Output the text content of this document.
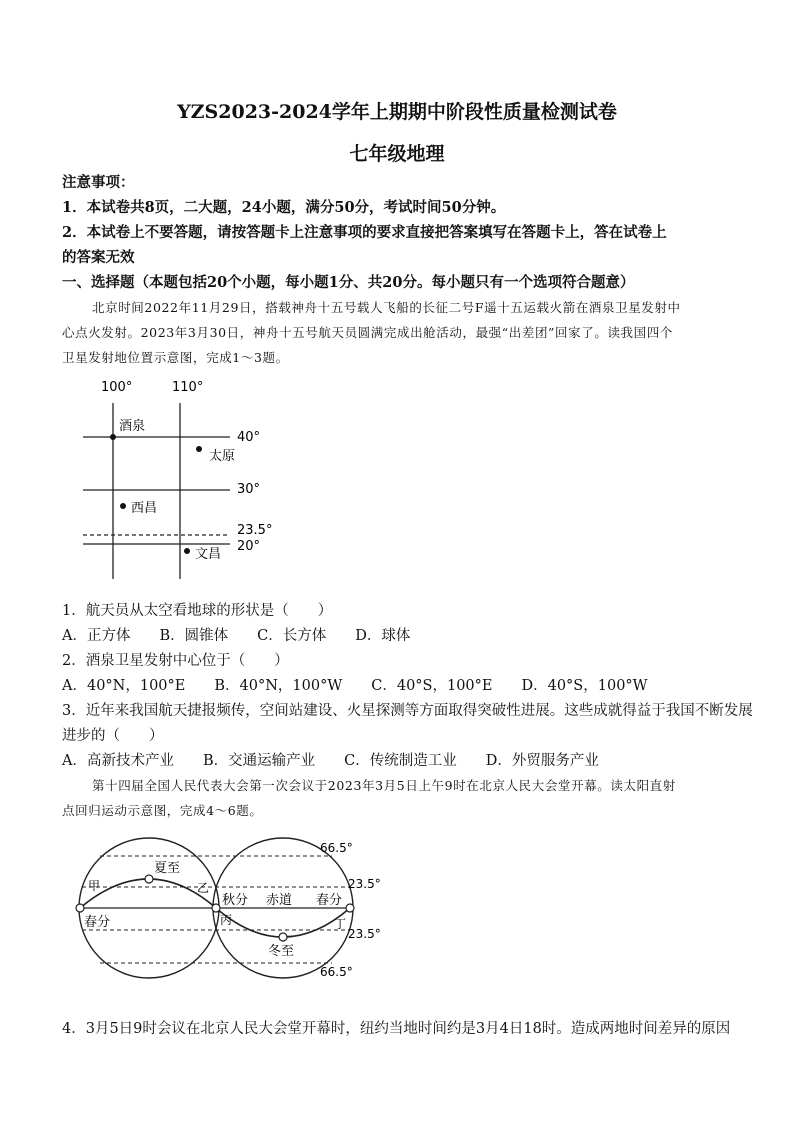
YZS2023-2024学年上期期中阶段性质量检测试卷
七年级地理
注意事项：
1．本试卷共8页，二大题，24小题，满分50分，考试时间50分钟。
2．本试卷上不要答题，请按答题卡上注意事项的要求直接把答案填写在答题卡上，答在试卷上
的答案无效
一、选择题（本题包括20个小题，每小题1分、共20分。每小题只有一个选项符合题意）
北京时间2022年11月29日，搭载神舟十五号载人飞船的长征二号F遥十五运载火箭在酒泉卫星发射中
心点火发射。2023年3月30日，神舟十五号航天员圆满完成出舱活动，最强“出差团”回家了。读我国四个
卫星发射地位置示意图，完成1～3题。
100°	110°
40°
30°
23.5°
20°
酒泉
太原
西昌
文昌
1．航天员从太空看地球的形状是（　　）
A．正方体　　B．圆锥体　　C．长方体　　D．球体
2．酒泉卫星发射中心位于（　　）
A．40°N，100°E　　B．40°N，100°W　　C．40°S，100°E　　D．40°S，100°W
3．近年来我国航天捷报频传，空间站建设、火星探测等方面取得突破性进展。这些成就得益于我国不断发展
进步的（　　）
A．高新技术产业　　B．交通运输产业　　C．传统制造工业　　D．外贸服务产业
第十四届全国人民代表大会第一次会议于2023年3月5日上午9时在北京人民大会堂开幕。读太阳直射
点回归运动示意图，完成4～6题。
66.5°
23.5°
23.5°
66.5°
夏至
春分
秋分 赤道 春分
冬至
甲	乙
丙	丁
4．3月5日9时会议在北京人民大会堂开幕时，纽约当地时间约是3月4日18时。造成两地时间差异的原因
